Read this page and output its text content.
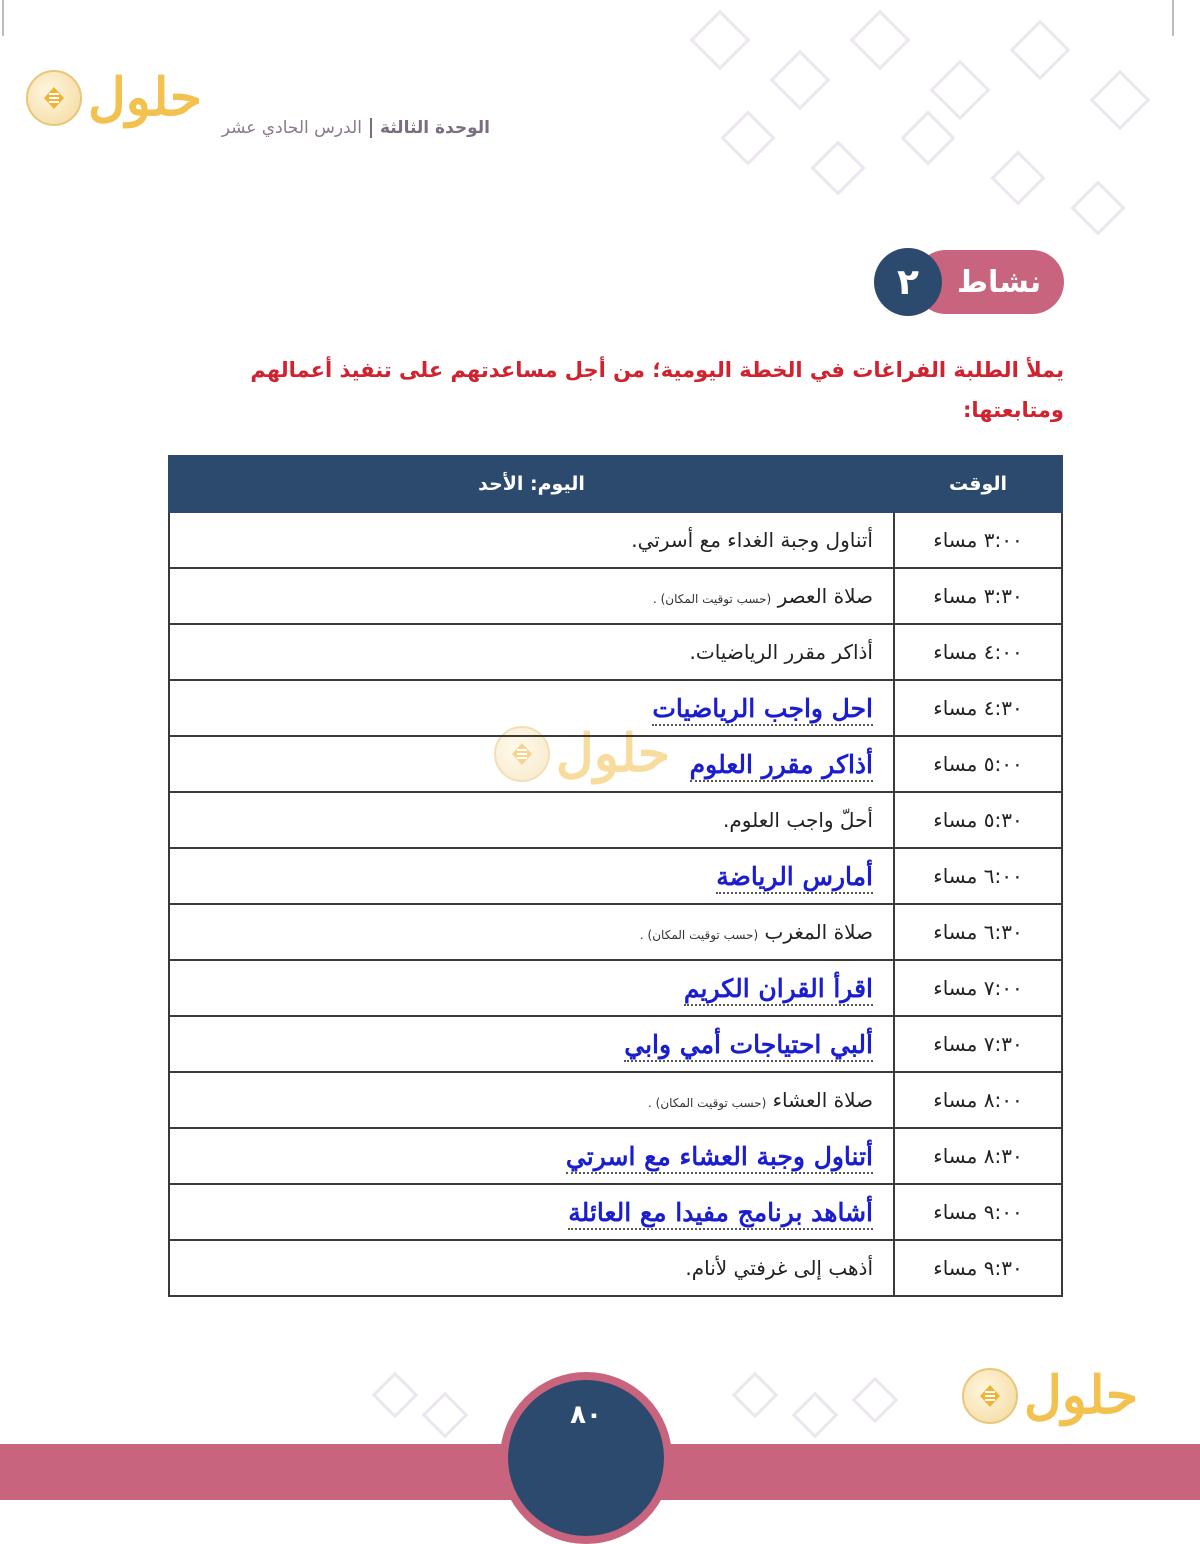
حلول
حلول
الوحدة الثالثةالدرس الحادي عشر
نشاط
٢
يملأ الطلبة الفراغات في الخطة اليومية؛ من أجل مساعدتهم على تنفيذ أعمالهم ومتابعتها:
الوقت	اليوم: الأحد
٣:٠٠ مساء	أتناول وجبة الغداء مع أسرتي.
٣:٣٠ مساء	صلاة العصر (حسب توقيت المكان) .
٤:٠٠ مساء	أذاكر مقرر الرياضيات.
٤:٣٠ مساء	احل واجب الرياضيات
٥:٠٠ مساء	أذاكر مقرر العلوم
٥:٣٠ مساء	أحلّ واجب العلوم.
٦:٠٠ مساء	أمارس الرياضة
٦:٣٠ مساء	صلاة المغرب (حسب توقيت المكان) .
٧:٠٠ مساء	اقرأ القران الكريم
٧:٣٠ مساء	ألبي احتياجات أمي وابي
٨:٠٠ مساء	صلاة العشاء (حسب توقيت المكان) .
٨:٣٠ مساء	أتناول وجبة العشاء مع اسرتي
٩:٠٠ مساء	أشاهد برنامج مفيدا مع العائلة
٩:٣٠ مساء	أذهب إلى غرفتي لأنام.
٨٠	حلول
